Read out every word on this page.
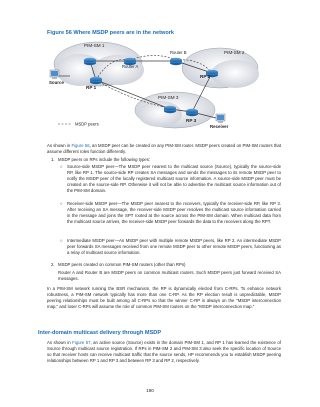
Figure 56 Where MSDP peers are in the network
PIM-SM 1
PIM-SM 2
PIM-SM 3
Router A
Router B
RP 1
RP 2
RP 3
Source
Receiver
MSDP peers
As shown in Figure 56, an MSDP peer can be created on any PIM-SM router. MSDP peers created on PIM-SM routers that assume different roles function differently.
1. MSDP peers on RPs include the following types:
○ Source-side MSDP peer—The MSDP peer nearest to the multicast source (Source), typically the source-side RP, like RP 1. The source-side RP creates SA messages and sends the messages to its remote MSDP peer to notify the MSDP peer of the locally registered multicast source information. A source-side MSDP peer must be created on the source-side RP. Otherwise it will not be able to advertise the multicast source information out of the PIM-SM domain.
○ Receiver-side MSDP peer—The MSDP peer nearest to the receivers, typically the receiver-side RP, like RP 3. After receiving an SA message, the receiver-side MSDP peer resolves the multicast source information carried in the message and joins the SPT rooted at the source across the PIM-SM domain. When multicast data from the multicast source arrives, the receiver-side MSDP peer forwards the data to the receivers along the RPT.
○ Intermediate MSDP peer—An MSDP peer with multiple remote MSDP peers, like RP 2. An intermediate MSDP peer forwards SA messages received from one remote MSDP peer to other remote MSDP peers, functioning as a relay of multicast source information.
2. MSDP peers created on common PIM-SM routers (other than RPs)
Router A and Router B are MSDP peers on common multicast routers. Such MSDP peers just forward received SA messages.
In a PIM-SM network running the BSR mechanism, the RP is dynamically elected from C-RPs. To enhance network robustness, a PIM-SM network typically has more than one C-RP. As the RP election result is unpredictable, MSDP peering relationships must be built among all C-RPs so that the winner C-RP is always on the "MSDP interconnection map," and loser C-RPs will assume the role of common PIM-SM routers on the "MSDP interconnection map."
Inter-domain multicast delivery through MSDP
As shown in Figure 57, an active source (Source) exists in the domain PIM-SM 1, and RP 1 has learned the existence of Source through multicast source registration. If RPs in PIM-SM 2 and PIM-SM 3 also seek the specific location of Source so that receiver hosts can receive multicast traffic that the source sends, HP recommends you to establish MSDP peering relationships between RP 1 and RP 3 and between RP 3 and RP 2, respectively.
190
